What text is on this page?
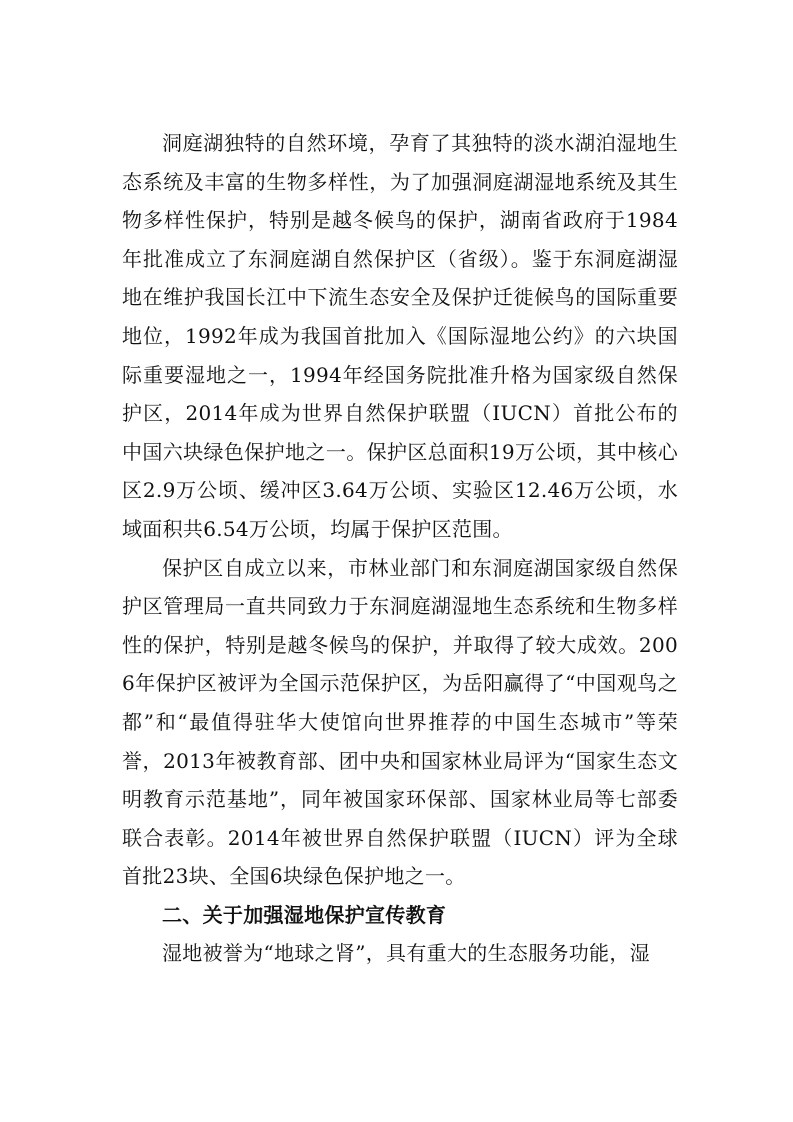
洞庭湖独特的自然环境，孕育了其独特的淡水湖泊湿地生态系统及丰富的生物多样性，为了加强洞庭湖湿地系统及其生物多样性保护，特别是越冬候鸟的保护，湖南省政府于1984年批准成立了东洞庭湖自然保护区（省级）。鉴于东洞庭湖湿地在维护我国长江中下流生态安全及保护迁徙候鸟的国际重要地位，1992年成为我国首批加入《国际湿地公约》的六块国际重要湿地之一，1994年经国务院批准升格为国家级自然保护区，2014年成为世界自然保护联盟（IUCN）首批公布的中国六块绿色保护地之一。保护区总面积19万公顷，其中核心区2.9万公顷、缓冲区3.64万公顷、实验区12.46万公顷，水域面积共6.54万公顷，均属于保护区范围。

保护区自成立以来，市林业部门和东洞庭湖国家级自然保护区管理局一直共同致力于东洞庭湖湿地生态系统和生物多样性的保护，特别是越冬候鸟的保护，并取得了较大成效。2006年保护区被评为全国示范保护区，为岳阳赢得了“中国观鸟之都”和“最值得驻华大使馆向世界推荐的中国生态城市”等荣誉，2013年被教育部、团中央和国家林业局评为“国家生态文明教育示范基地”，同年被国家环保部、国家林业局等七部委联合表彰。2014年被世界自然保护联盟（IUCN）评为全球首批23块、全国6块绿色保护地之一。

二、关于加强湿地保护宣传教育

湿地被誉为“地球之肾”，具有重大的生态服务功能，湿
